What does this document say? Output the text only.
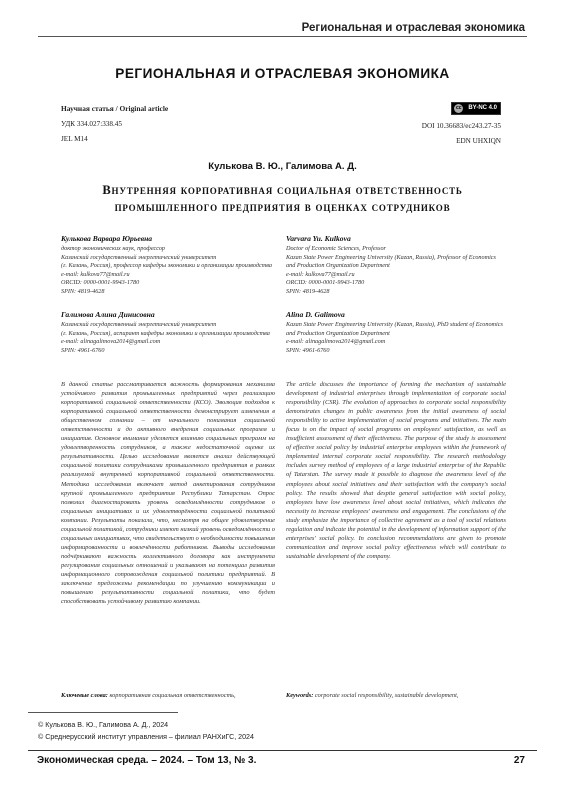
Региональная и отраслевая экономика
РЕГИОНАЛЬНАЯ И ОТРАСЛЕВАЯ ЭКОНОМИКА
Научная статья / Original article
УДК 334.027:338.45
JEL M14
cc	BY-NC 4.0
DOI 10.36683/ec243.27-35
EDN UHXIQN
Кулькова В. Ю., Галимова А. Д.
Внутренняя корпоративная социальная ответственность промышленного предприятия в оценках сотрудников
Кулькова Варвара Юрьевна
доктор экономических наук, профессор
Казанский государственный энергетический университет
(г. Казань, Россия), профессор кафедры экономики и организации производства
e-mail: kulkova77@mail.ru
ORCID: 0000-0001-9943-1780
SPIN: 4819-4628
Галимова Алина Динисовна
Казанский государственный энергетический университет
(г. Казань, Россия), аспирант кафедры экономики и организации производства
e-mail: alinagalimova2014@gmail.com
SPIN: 4961-6760
Varvara Yu. Kulkova
Doctor of Economic Sciences, Professor
Kazan State Power Engineering University (Kazan, Russia), Professor of Economics and Production Organization Department
e-mail: kulkova77@mail.ru
ORCID: 0000-0001-9943-1780
SPIN: 4819-4628
Alina D. Galimova
Kazan State Power Engineering University (Kazan, Russia), PhD student of Economics and Production Organization Department
e-mail: alinagalimova2014@gmail.com
SPIN: 4961-6760
В данной статье рассматривается важность формирования механизма устойчивого развития промышленных предприятий через реализацию корпоративной социальной ответственности (КСО). Эволюция подходов к корпоративной социальной ответственности демонстрирует изменения в общественном сознании – от начального понимания социальной ответственности и до активного внедрения социальных программ и инициатив. Основное внимание уделяется влиянию социальных программ на удовлетворенность сотрудников, а также недостаточной оценке их результативности. Целью исследования является анализ действующей социальной политики сотрудниками промышленного предприятия в рамках реализуемой внутренней корпоративной социальной ответственности. Методика исследования включает метод анкетирования сотрудников крупной промышленного предприятия Республики Татарстан. Опрос позволил диагностировать уровень осведомлённости сотрудников о социальных инициативах и их удовлетворённости социальной политикой компании. Результаты показали, что, несмотря на общее удовлетворение социальной политикой, сотрудники имеют низкий уровень осведомлённости о социальных инициативах, что свидетельствует о необходимости повышения информированности и вовлечённости работников. Выводы исследования подчёркивают важность коллективного договора как инструмента регулирования социальных отношений и указывают на потенциал развития информационного сопровождения социальной политики предприятий. В заключение предложены рекомендации по улучшению коммуникации и повышению результативности социальной политики, что будет способствовать устойчивому развитию компании.
The article discusses the importance of forming the mechanism of sustainable development of industrial enterprises through implementation of corporate social responsibility (CSR). The evolution of approaches to corporate social responsibility demonstrates changes in public awareness from the initial awareness of social responsibility to active implementation of social programs and initiatives. The main focus is on the impact of social programs on employees' satisfaction, as well as insufficient assessment of their effectiveness. The purpose of the study is assessment of effective social policy by industrial enterprise employees within the framework of implemented internal corporate social responsibility. The research methodology includes survey method of employees of a large industrial enterprise of the Republic of Tatarstan. The survey made it possible to diagnose the awareness level of the employees about social initiatives and their satisfaction with the company's social policy. The results showed that despite general satisfaction with social policy, employees have low awareness level about social initiatives, which indicates the necessity to increase employees' awareness and engagement. The conclusions of the study emphasize the importance of collective agreement as a tool of social relations regulation and indicate the potential in the development of information support of the enterprises' social policy. In conclusion recommendations are given to promote communication and improve social policy effectiveness which will contribute to sustainable development of the company.
Ключевые слова: корпоративная социальная ответственность,	Keywords: corporate social responsibility, sustainable development,
© Кулькова В. Ю., Галимова А. Д., 2024
© Среднерусский институт управления – филиал РАНХиГС, 2024
Экономическая среда. – 2024. – Том 13, № 3.	27
